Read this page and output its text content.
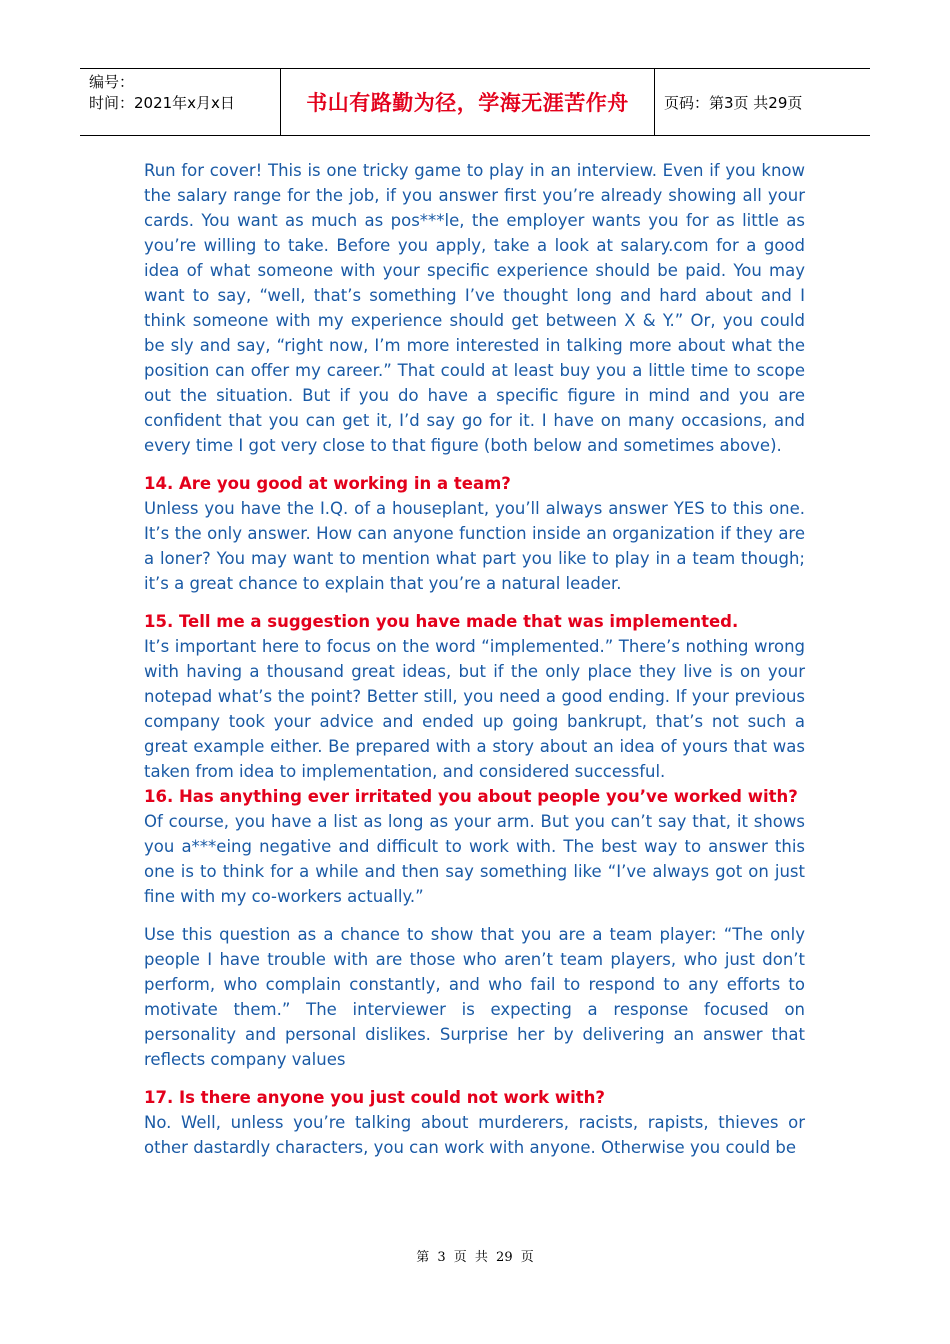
编号：
时间：2021年x月x日	书山有路勤为径，学海无涯苦作舟 页码：第3页 共29页

Run for cover! This is one tricky game to play in an interview. Even if you know the salary range for the job, if you answer first you’re already showing all your cards. You want as much as pos***le, the employer wants you for as little as you’re willing to take. Before you apply, take a look at salary.com for a good idea of what someone with your specific experience should be paid. You may want to say, “well, that’s something I’ve thought long and hard about and I think someone with my experience should get between X & Y.” Or, you could be sly and say, “right now, I’m more interested in talking more about what the position can offer my career.” That could at least buy you a little time to scope out the situation. But if you do have a specific figure in mind and you are confident that you can get it, I’d say go for it. I have on many occasions, and every time I got very close to that figure (both below and sometimes above).

14. Are you good at working in a team?

Unless you have the I.Q. of a houseplant, you’ll always answer YES to this one. It’s the only answer. How can anyone function inside an organization if they are a loner? You may want to mention what part you like to play in a team though; it’s a great chance to explain that you’re a natural leader.

15. Tell me a suggestion you have made that was implemented.

It’s important here to focus on the word “implemented.” There’s nothing wrong with having a thousand great ideas, but if the only place they live is on your notepad what’s the point? Better still, you need a good ending. If your previous company took your advice and ended up going bankrupt, that’s not such a great example either. Be prepared with a story about an idea of yours that was taken from idea to implementation, and considered successful.

16. Has anything ever irritated you about people you’ve worked with?

Of course, you have a list as long as your arm. But you can’t say that, it shows you a***eing negative and difficult to work with. The best way to answer this one is to think for a while and then say something like “I’ve always got on just fine with my co-workers actually.”

Use this question as a chance to show that you are a team player: “The only people I have trouble with are those who aren’t team players, who just don’t perform, who complain constantly, and who fail to respond to any efforts to motivate them.” The interviewer is expecting a response focused on personality and personal dislikes. Surprise her by delivering an answer that reflects company values

17. Is there anyone you just could not work with?

No. Well, unless you’re talking about murderers, racists, rapists, thieves or other dastardly characters, you can work with anyone. Otherwise you could be

第 3 页 共 29 页
